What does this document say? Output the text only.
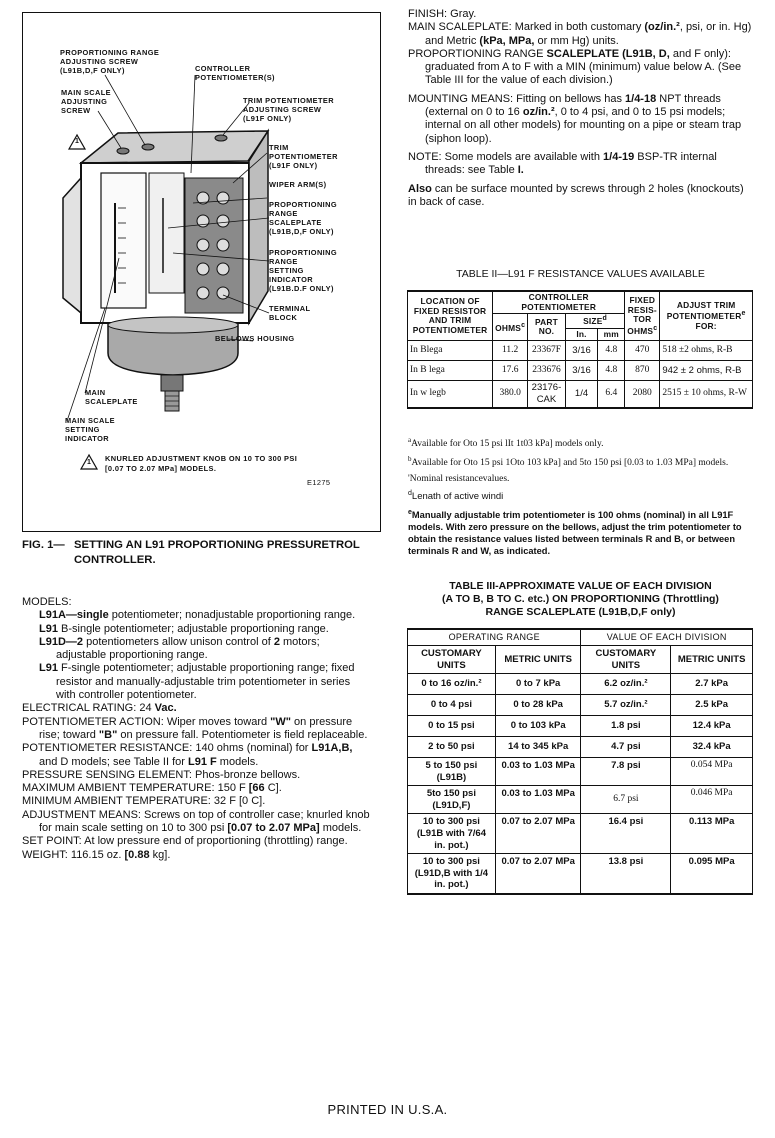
PROPORTIONING RANGE
ADJUSTING SCREW
(L91B,D,F ONLY)	CONTROLLER
POTENTIOMETER(S)
MAIN SCALE
ADJUSTING
SCREW
1
TRIM POTENTIOMETER
ADJUSTING SCREW
(L91F ONLY)
TRIM
POTENTIOMETER
(L91F ONLY)
WIPER ARM(S)
PROPORTIONING
RANGE
SCALEPLATE
(L91B,D,F ONLY)
PROPORTIONING
RANGE
SETTING
INDICATOR
(L91B.D.F ONLY)
TERMINAL
BLOCK
BELLOWS HOUSING
MAIN
SCALEPLATE
MAIN SCALE
SETTING
INDICATOR
1 KNURLED ADJUSTMENT KNOB ON 10 TO 300 PSI
[0.07 TO 2.07 MPa] MODELS.
E1275
FIG. 1— SETTING AN L91 PROPORTIONING PRESSURETROL
CONTROLLER.

MODELS:

L91A—single potentiometer; nonadjustable proportioning range.

L91 B-single potentiometer; adjustable proportioning range.

L91D—2 potentiometers allow unison control of 2 motors; adjustable proportioning range.

L91 F-single potentiometer; adjustable proportioning range; fixed resistor and manually-adjustable trim potentiometer in series with controller potentiometer.

ELECTRICAL RATING: 24 Vac.

POTENTIOMETER ACTION: Wiper moves toward "W" on pressure rise; toward "B" on pressure fall. Potentiometer is field replaceable.

POTENTIOMETER RESISTANCE: 140 ohms (nominal) for L91A,B, and D models; see Table II for L91 F models.

PRESSURE SENSING ELEMENT: Phos-bronze bellows.

MAXIMUM AMBIENT TEMPERATURE: 150 F [66 C].

MINIMUM AMBIENT TEMPERATURE: 32 F [0 C].

ADJUSTMENT MEANS: Screws on top of controller case; knurled knob for main scale setting on 10 to 300 psi [0.07 to 2.07 MPa] models.

SET POINT: At low pressure end of proportioning (throttling) range.

WEIGHT: 116.15 oz. [0.88 kg].

FINISH: Gray.

MAIN SCALEPLATE: Marked in both customary (oz/in.², psi, or in. Hg) and Metric (kPa, MPa, or mm Hg) units.

PROPORTIONING RANGE SCALEPLATE (L91B, D, and F only): graduated from A to F with a MIN (minimum) value below A. (See Table III for the value of each division.)

MOUNTING MEANS: Fitting on bellows has 1/4-18 NPT threads (external on 0 to 16 oz/in.², 0 to 4 psi, and 0 to 15 psi models; internal on all other models) for mounting on a pipe or steam trap (siphon loop).

NOTE: Some models are available with 1/4-19 BSP-TR internal threads: see Table I.

Also can be surface mounted by screws through 2 holes (knockouts) in back of case.

TABLE II—L91 F RESISTANCE VALUES AVAILABLE
LOCATION OF FIXED RESISTOR AND TRIM POTENTIOMETER	CONTROLLER POTENTIOMETER				FIXED RESIS-TOR OHMS$^c$	ADJUST TRIM POTENTIOMETER$^e$
FOR:
	OHMS$^c$	PART NO.	SIZE$^d$
			In.	mm		
In Blega	11.2	23367F	3/16	4.8	470	518 ±2 ohms, R-B
In B lega	17.6	233676	3/16	4.8	870	942 ± 2 ohms, R-B
In w legb	380.0	23176-CAK	1/4	6.4	2080	2515 ± 10 ohms, R-W

$^a$Available for Oto 15 psi lIt 1t03 kPa] models only.

$^b$Available for Oto 15 psi 1Oto 103 kPa] and 5to 150 psi [0.03 to 1.03 MPa] models.

'Nominal resistancevalues.

$^d$Lenath of active windi

$^e$Manually adjustable trim potentiometer is 100 ohms (nominal) in all L91F models. With zero pressure on the bellows, adjust the trim potentiometer to obtain the resistance values listed between terminals R and B, or between terminals R and W, as indicated.

TABLE III-APPROXIMATE VALUE OF EACH DIVISION
(A TO B, B TO C. etc.) ON PROPORTIONING (Throttling)
RANGE SCALEPLATE (L91B,D,F only)
OPERATING RANGE		VALUE OF EACH DIVISION	
CUSTOMARY UNITS	METRIC UNITS	CUSTOMARY UNITS	METRIC UNITS
0 to 16 oz/in.²	0 to 7 kPa	6.2 oz/in.²	2.7 kPa
0 to 4 psi	0 to 28 kPa	5.7 oz/in.²	2.5 kPa
0 to 15 psi	0 to 103 kPa	1.8 psi	12.4 kPa
2 to 50 psi	14 to 345 kPa	4.7 psi	32.4 kPa
5 to 150 psi (L91B)	0.03 to 1.03 MPa	7.8 psi	0.054 MPa
5to 150 psi (L91D,F)	0.03 to 1.03 MPa	6.7 psi	0.046 MPa
10 to 300 psi (L91B with 7/64 in. pot.)	0.07 to 2.07 MPa	16.4 psi	0.113 MPa
10 to 300 psi (L91D,B with 1/4 in. pot.)	0.07 to 2.07 MPa	13.8 psi	0.095 MPa
PRINTED IN U.S.A.
